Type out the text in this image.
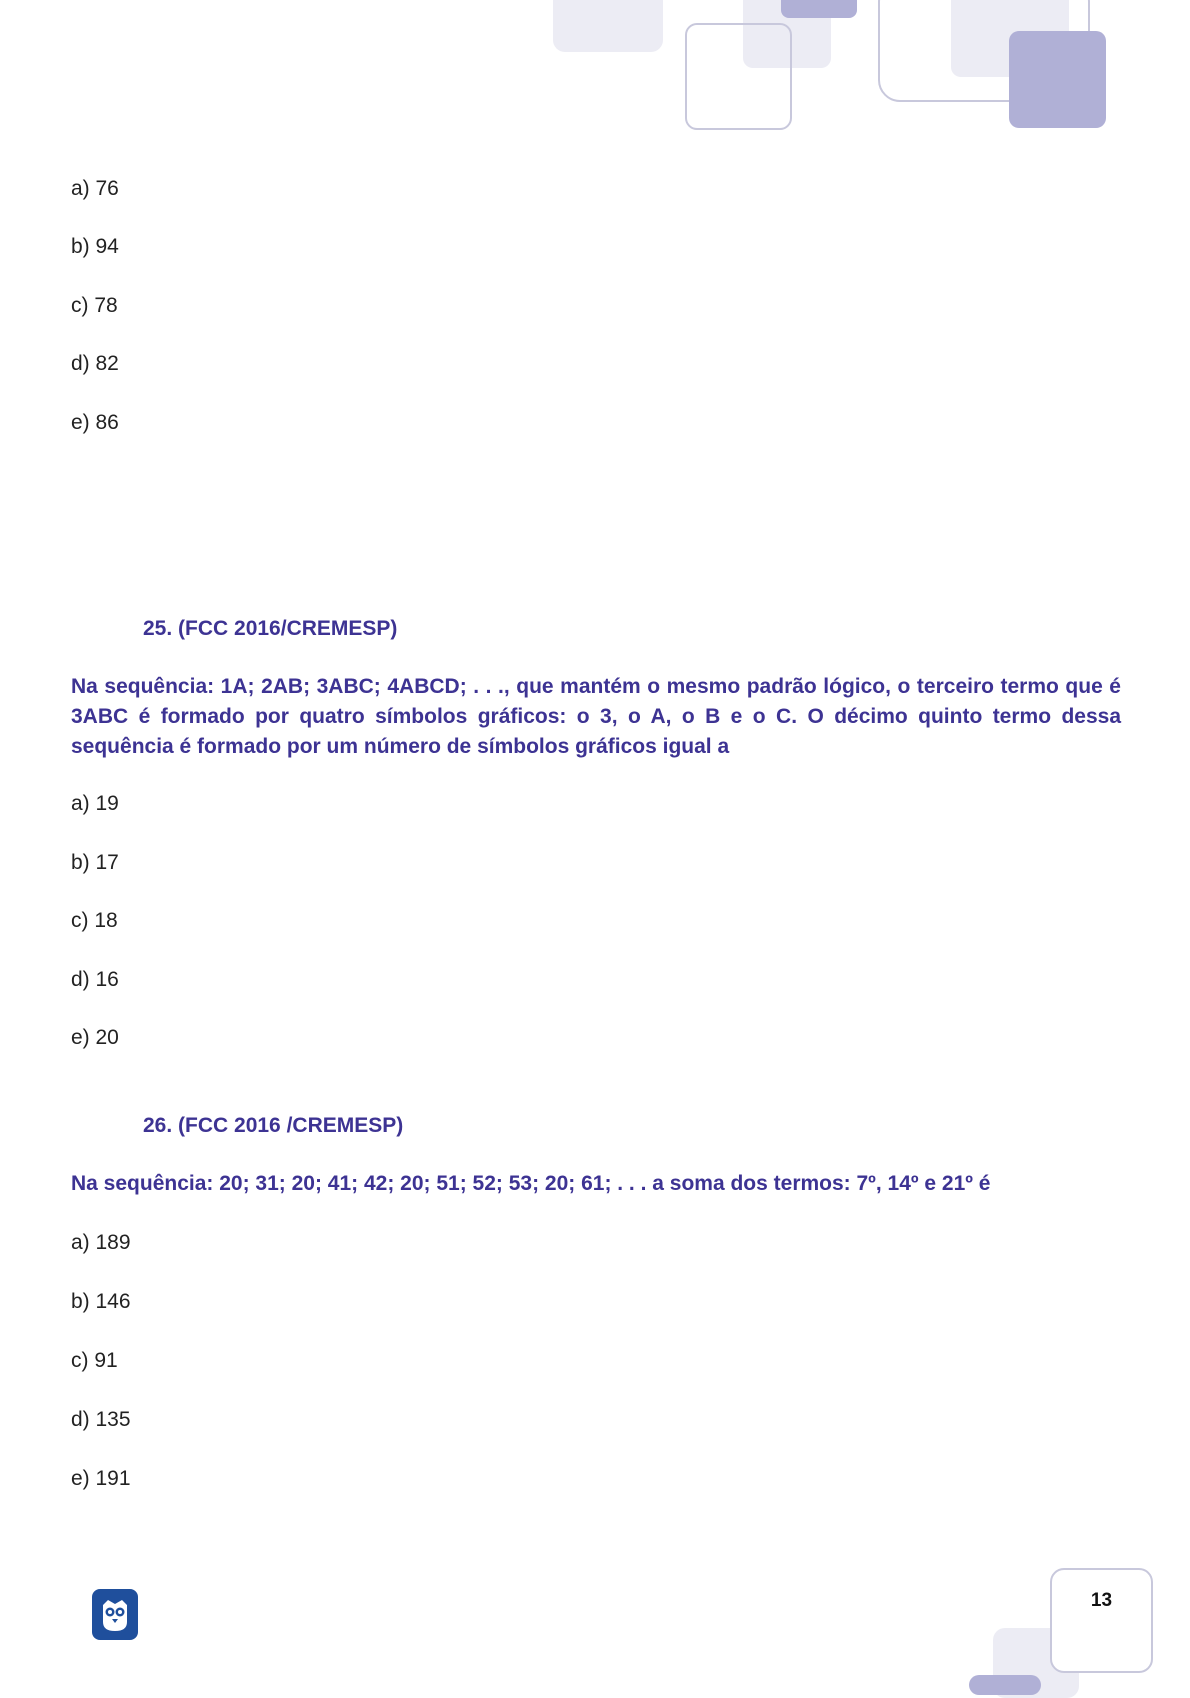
a) 76
b) 94
c) 78
d) 82
e) 86
25. (FCC 2016/CREMESP)
Na sequência: 1A; 2AB; 3ABC; 4ABCD; . . ., que mantém o mesmo padrão lógico, o terceiro termo que é 3ABC é formado por quatro símbolos gráficos: o 3, o A, o B e o C. O décimo quinto termo dessa sequência é formado por um número de símbolos gráficos igual a
a) 19
b) 17
c) 18
d) 16
e) 20
26. (FCC 2016 /CREMESP)
Na sequência: 20; 31; 20; 41; 42; 20; 51; 52; 53; 20; 61; . . . a soma dos termos: 7º, 14º e 21º é
a) 189
b) 146
c) 91
d) 135
e) 191
13
